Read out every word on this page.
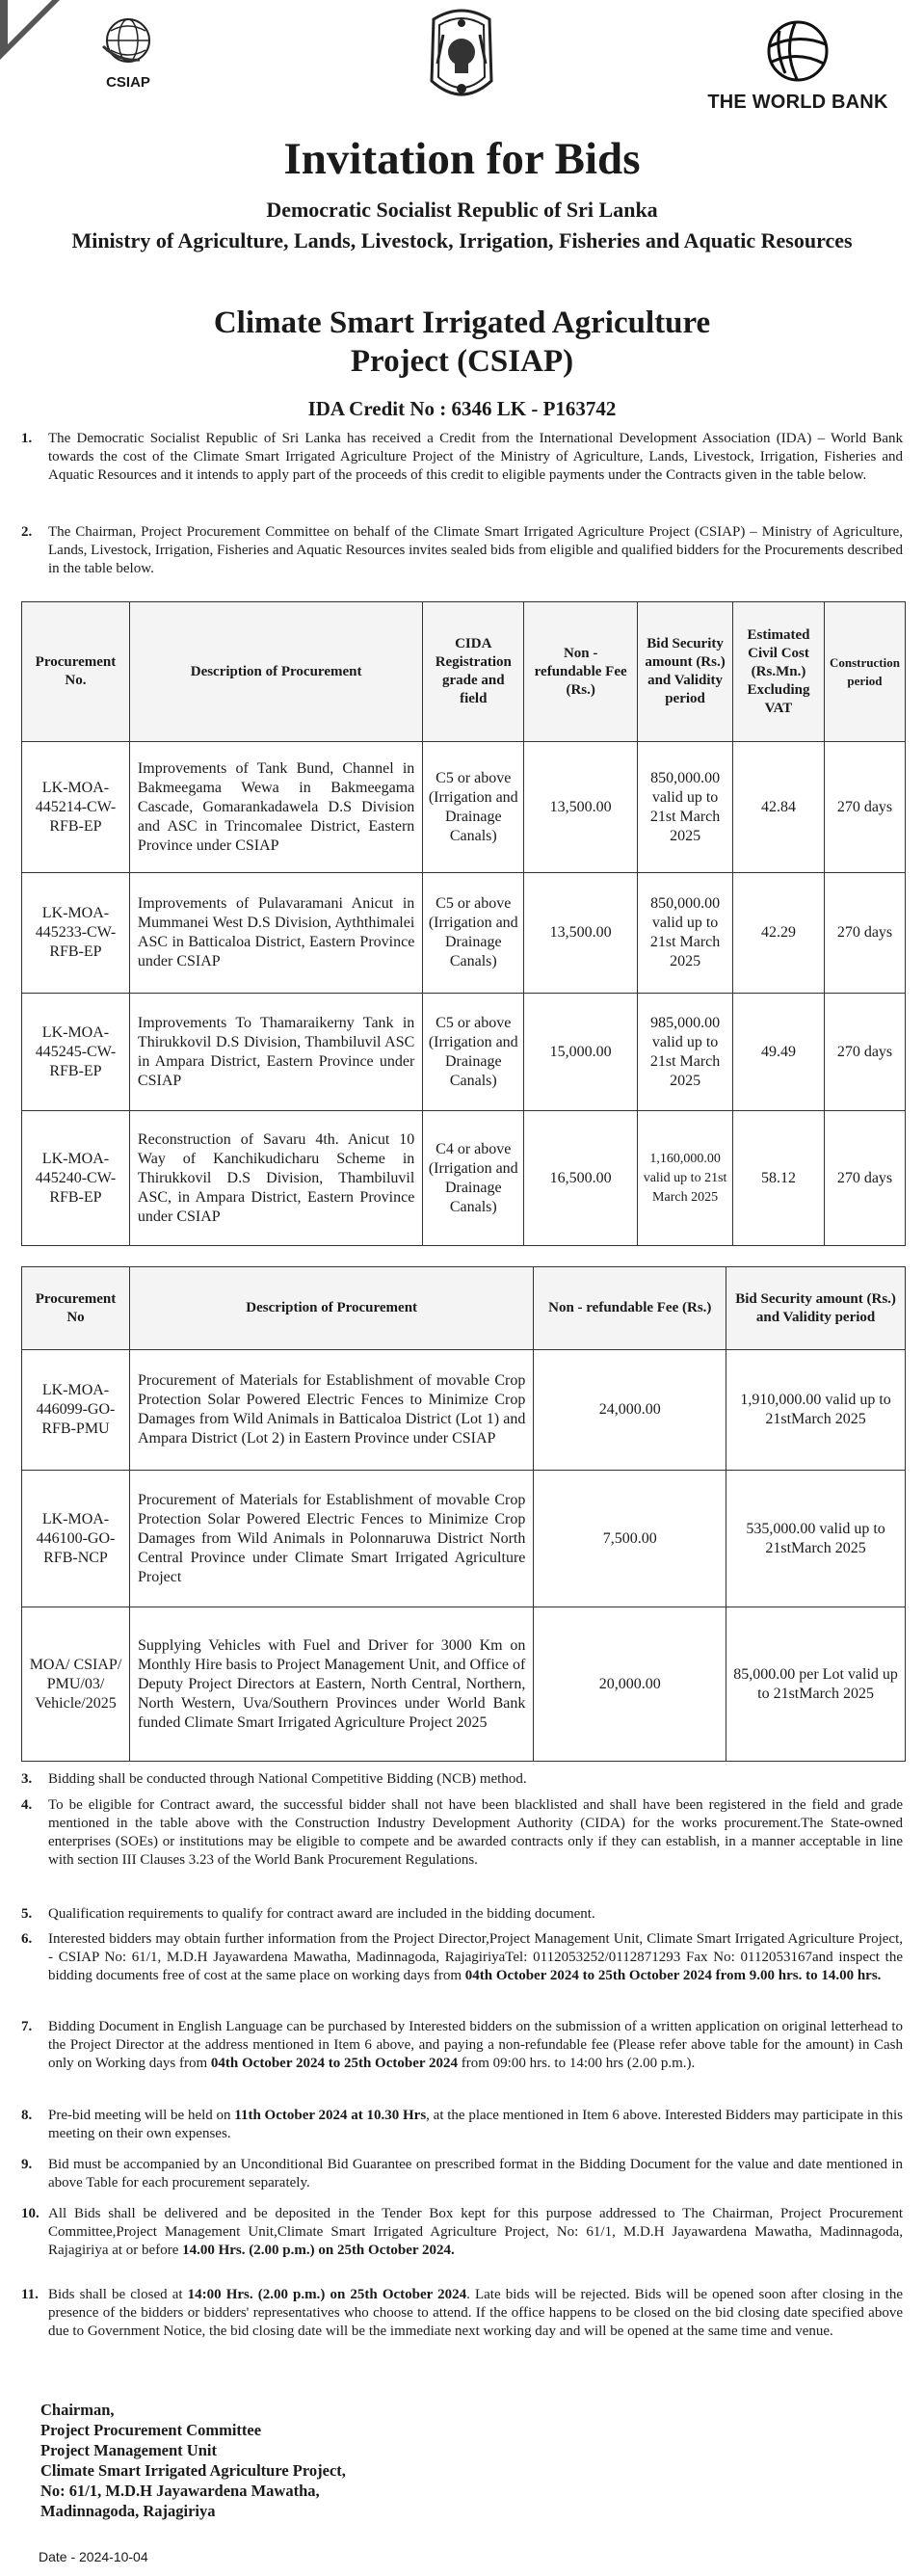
CSIAP
THE WORLD BANK
Invitation for Bids
Democratic Socialist Republic of Sri Lanka
Ministry of Agriculture, Lands, Livestock, Irrigation, Fisheries and Aquatic Resources
Climate Smart Irrigated Agriculture Project (CSIAP)
IDA Credit No : 6346 LK - P163742
1. The Democratic Socialist Republic of Sri Lanka has received a Credit from the International Development Association (IDA) – World Bank towards the cost of the Climate Smart Irrigated Agriculture Project of the Ministry of Agriculture, Lands, Livestock, Irrigation, Fisheries and Aquatic Resources and it intends to apply part of the proceeds of this credit to eligible payments under the Contracts given in the table below.
2. The Chairman, Project Procurement Committee on behalf of the Climate Smart Irrigated Agriculture Project (CSIAP) – Ministry of Agriculture, Lands, Livestock, Irrigation, Fisheries and Aquatic Resources invites sealed bids from eligible and qualified bidders for the Procurements described in the table below.
Procurement No.	Description of Procurement	CIDA Registration grade and field	Non - refundable Fee (Rs.)	Bid Security amount (Rs.) and Validity period	Estimated Civil Cost (Rs.Mn.) Excluding VAT	Construction period
LK-MOA-445214-CW-RFB-EP	Improvements of Tank Bund, Channel in Bakmeegama Wewa in Bakmeegama Cascade, Gomarankadawela D.S Division and ASC in Trincomalee District, Eastern Province under CSIAP	C5 or above (Irrigation and Drainage Canals)	13,500.00	850,000.00 valid up to 21st March 2025	42.84	270 days
LK-MOA-445233-CW-RFB-EP	Improvements of Pulavaramani Anicut in Mummanei West D.S Division, Ayththimalei ASC in Batticaloa District, Eastern Province under CSIAP	C5 or above (Irrigation and Drainage Canals)	13,500.00	850,000.00 valid up to 21st March 2025	42.29	270 days
LK-MOA-445245-CW-RFB-EP	Improvements To Thamaraikerny Tank in Thirukkovil D.S Division, Thambiluvil ASC in Ampara District, Eastern Province under CSIAP	C5 or above (Irrigation and Drainage Canals)	15,000.00	985,000.00 valid up to 21st March 2025	49.49	270 days
LK-MOA-445240-CW-RFB-EP	Reconstruction of Savaru 4th. Anicut 10 Way of Kanchikudicharu Scheme in Thirukkovil D.S Division, Thambiluvil ASC, in Ampara District, Eastern Province under CSIAP	C4 or above (Irrigation and Drainage Canals)	16,500.00	1,160,000.00 valid up to 21st March 2025	58.12	270 days
Procurement No	Description of Procurement	Non - refundable Fee (Rs.)	Bid Security amount (Rs.) and Validity period
LK-MOA-446099-GO-RFB-PMU	Procurement of Materials for Establishment of movable Crop Protection Solar Powered Electric Fences to Minimize Crop Damages from Wild Animals in Batticaloa District (Lot 1) and Ampara District (Lot 2) in Eastern Province under CSIAP	24,000.00	1,910,000.00 valid up to 21stMarch 2025
LK-MOA-446100-GO-RFB-NCP	Procurement of Materials for Establishment of movable Crop Protection Solar Powered Electric Fences to Minimize Crop Damages from Wild Animals in Polonnaruwa District North Central Province under Climate Smart Irrigated Agriculture Project	7,500.00	535,000.00 valid up to 21stMarch 2025
MOA/ CSIAP/ PMU/03/ Vehicle/2025	Supplying Vehicles with Fuel and Driver for 3000 Km on Monthly Hire basis to Project Management Unit, and Office of Deputy Project Directors at Eastern, North Central, Northern, North Western, Uva/Southern Provinces under World Bank funded Climate Smart Irrigated Agriculture Project 2025	20,000.00	85,000.00 per Lot valid up to 21stMarch 2025
3. Bidding shall be conducted through National Competitive Bidding (NCB) method.
4. To be eligible for Contract award, the successful bidder shall not have been blacklisted and shall have been registered in the field and grade mentioned in the table above with the Construction Industry Development Authority (CIDA) for the works procurement.The State-owned enterprises (SOEs) or institutions may be eligible to compete and be awarded contracts only if they can establish, in a manner acceptable in line with section III Clauses 3.23 of the World Bank Procurement Regulations.
5. Qualification requirements to qualify for contract award are included in the bidding document.
6. Interested bidders may obtain further information from the Project Director,Project Management Unit, Climate Smart Irrigated Agriculture Project, - CSIAP No: 61/1, M.D.H Jayawardena Mawatha, Madinnagoda, RajagiriyaTel: 0112053252/0112871293 Fax No: 0112053167and inspect the bidding documents free of cost at the same place on working days from 04th October 2024 to 25th October 2024 from 9.00 hrs. to 14.00 hrs.
7. Bidding Document in English Language can be purchased by Interested bidders on the submission of a written application on original letterhead to the Project Director at the address mentioned in Item 6 above, and paying a non-refundable fee (Please refer above table for the amount) in Cash only on Working days from 04th October 2024 to 25th October 2024 from 09:00 hrs. to 14:00 hrs (2.00 p.m.).
8. Pre-bid meeting will be held on 11th October 2024 at 10.30 Hrs, at the place mentioned in Item 6 above. Interested Bidders may participate in this meeting on their own expenses.
9. Bid must be accompanied by an Unconditional Bid Guarantee on prescribed format in the Bidding Document for the value and date mentioned in above Table for each procurement separately.
10. All Bids shall be delivered and be deposited in the Tender Box kept for this purpose addressed to The Chairman, Project Procurement Committee,Project Management Unit,Climate Smart Irrigated Agriculture Project, No: 61/1, M.D.H Jayawardena Mawatha, Madinnagoda, Rajagiriya at or before 14.00 Hrs. (2.00 p.m.) on 25th October 2024.
11. Bids shall be closed at 14:00 Hrs. (2.00 p.m.) on 25th October 2024. Late bids will be rejected. Bids will be opened soon after closing in the presence of the bidders or bidders' representatives who choose to attend. If the office happens to be closed on the bid closing date specified above due to Government Notice, the bid closing date will be the immediate next working day and will be opened at the same time and venue.
Chairman,
Project Procurement Committee
Project Management Unit
Climate Smart Irrigated Agriculture Project,
No: 61/1, M.D.H Jayawardena Mawatha,
Madinnagoda, Rajagiriya
Date - 2024-10-04
